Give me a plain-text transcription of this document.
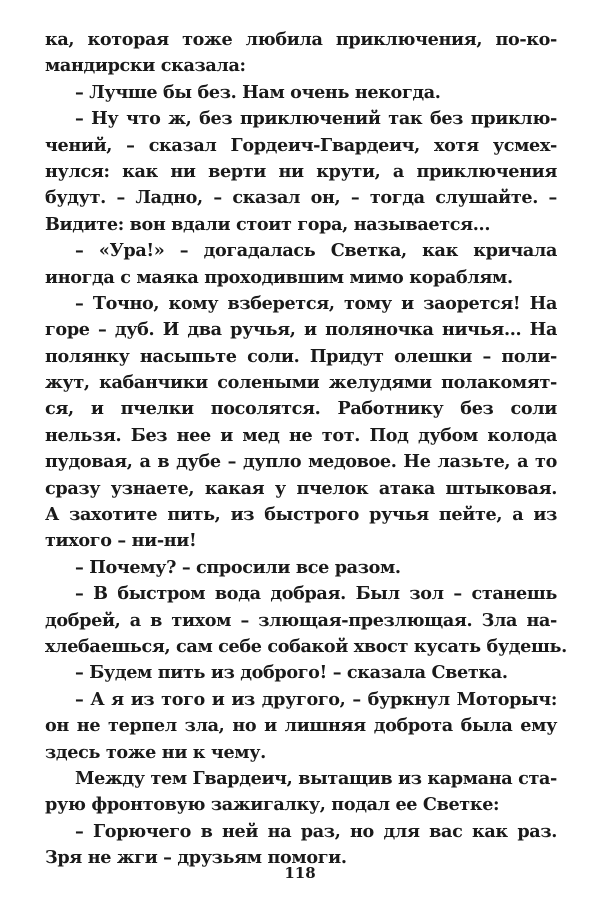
ка, которая тоже любила приключения, по-ко-
мандирски сказала:
– Лучше бы без. Нам очень некогда.
– Ну что ж, без приключений так без приклю-
чений, – сказал Гордеич-Гвардеич, хотя усмех-
нулся: как ни верти ни крути, а приключения
будут. – Ладно, – сказал он, – тогда слушайте. –
Видите: вон вдали стоит гора, называется...
– «Ура!» – догадалась Светка, как кричала
иногда с маяка проходившим мимо кораблям.
– Точно, кому взберется, тому и заорется! На
горе – дуб. И два ручья, и поляночка ничья... На
полянку насыпьте соли. Придут олешки – поли-
жут, кабанчики солеными желудями полакомят-
ся, и пчелки посолятся. Работнику без соли
нельзя. Без нее и мед не тот. Под дубом колода
пудовая, а в дубе – дупло медовое. Не лазьте, а то
сразу узнаете, какая у пчелок атака штыковая.
А захотите пить, из быстрого ручья пейте, а из
тихого – ни-ни!
– Почему? – спросили все разом.
– В быстром вода добрая. Был зол – станешь
добрей, а в тихом – злющая-презлющая. Зла на-
хлебаешься, сам себе собакой хвост кусать будешь.
– Будем пить из доброго! – сказала Светка.
– А я из того и из другого, – буркнул Моторыч:
он не терпел зла, но и лишняя доброта была ему
здесь тоже ни к чему.
Между тем Гвардеич, вытащив из кармана ста-
рую фронтовую зажигалку, подал ее Светке:
– Горючего в ней на раз, но для вас как раз.
Зря не жги – друзьям помоги.
118
